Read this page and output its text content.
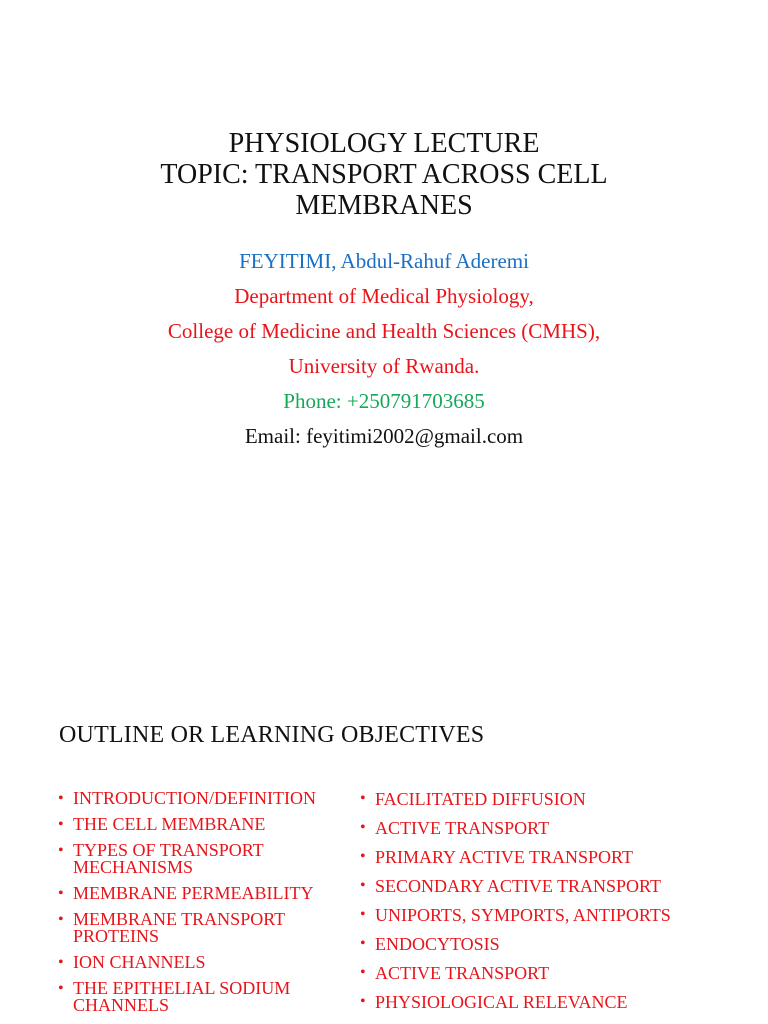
PHYSIOLOGY LECTURE
TOPIC: TRANSPORT ACROSS CELL
MEMBRANES
FEYITIMI, Abdul-Rahuf Aderemi
Department of Medical Physiology,
College of Medicine and Health Sciences (CMHS),
University of Rwanda.
Phone: +250791703685
Email: feyitimi2002@gmail.com
OUTLINE OR LEARNING OBJECTIVES
• INTRODUCTION/DEFINITION
• THE CELL MEMBRANE
• TYPES OF TRANSPORT MECHANISMS
• MEMBRANE PERMEABILITY
• MEMBRANE TRANSPORT PROTEINS
• ION CHANNELS
• THE EPITHELIAL SODIUM CHANNELS
• FACILITATED DIFFUSION
• ACTIVE TRANSPORT
• PRIMARY ACTIVE TRANSPORT
• SECONDARY ACTIVE TRANSPORT
• UNIPORTS, SYMPORTS, ANTIPORTS
• ENDOCYTOSIS
• ACTIVE TRANSPORT
• PHYSIOLOGICAL RELEVANCE
